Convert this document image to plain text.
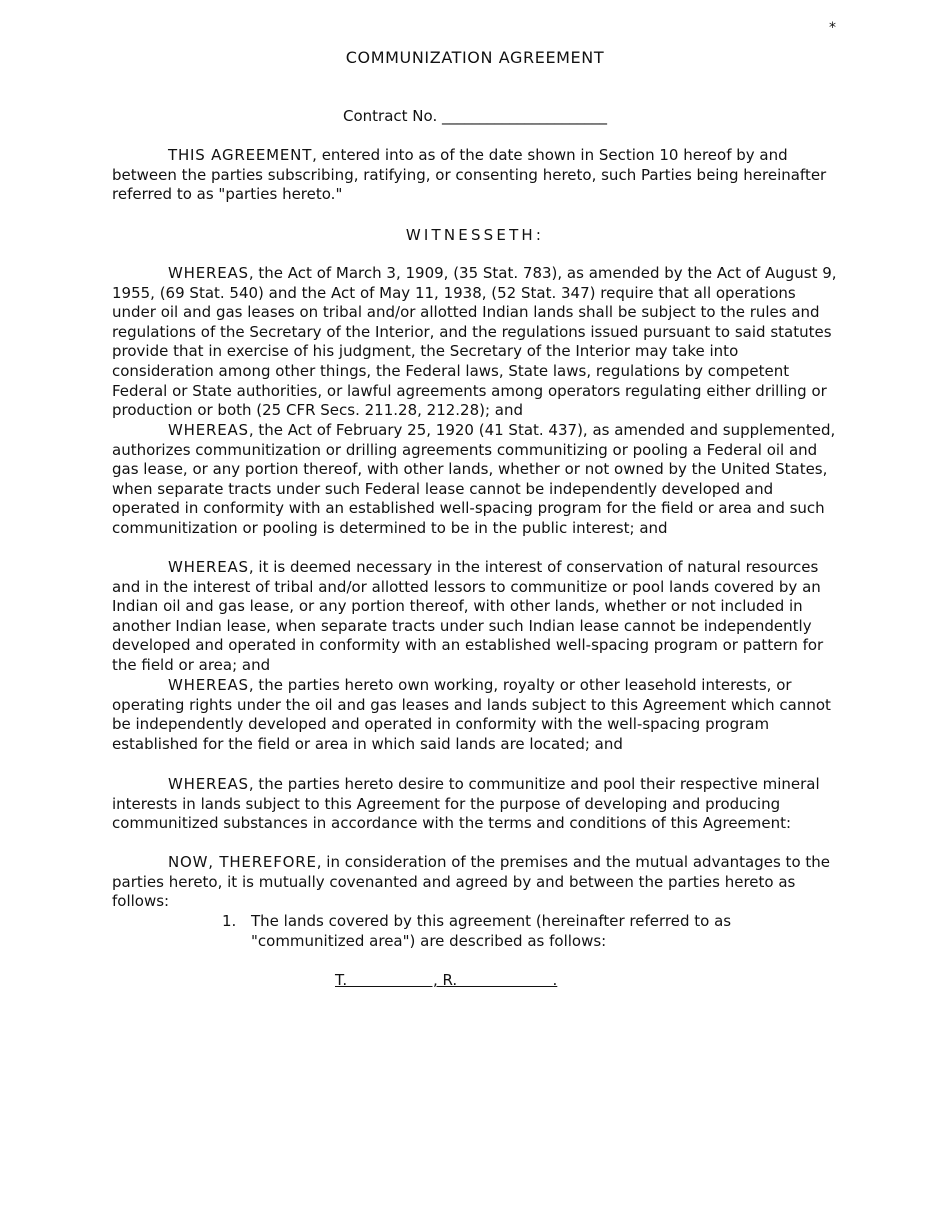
*
COMMUNIZATION AGREEMENT
Contract No. ______________________

THIS AGREEMENT, entered into as of the date shown in Section 10 hereof by and between the parties subscribing, ratifying, or consenting hereto, such Parties being hereinafter referred to as "parties hereto."

WITNESSETH:

WHEREAS, the Act of March 3, 1909, (35 Stat. 783), as amended by the Act of August 9, 1955, (69 Stat. 540) and the Act of May 11, 1938, (52 Stat. 347) require that all operations under oil and gas leases on tribal and/or allotted Indian lands shall be subject to the rules and regulations of the Secretary of the Interior, and the regulations issued pursuant to said statutes provide that in exercise of his judgment, the Secretary of the Interior may take into consideration among other things, the Federal laws, State laws, regulations by competent Federal or State authorities, or lawful agreements among operators regulating either drilling or production or both (25 CFR Secs. 211.28, 212.28); and

WHEREAS, the Act of February 25, 1920 (41 Stat. 437), as amended and supplemented, authorizes communitization or drilling agreements communitizing or pooling a Federal oil and gas lease, or any portion thereof, with other lands, whether or not owned by the United States, when separate tracts under such Federal lease cannot be independently developed and operated in conformity with an established well-spacing program for the field or area and such communitization or pooling is determined to be in the public interest; and

WHEREAS, it is deemed necessary in the interest of conservation of natural resources and in the interest of tribal and/or allotted lessors to communitize or pool lands covered by an Indian oil and gas lease, or any portion thereof, with other lands, whether or not included in another Indian lease, when separate tracts under such Indian lease cannot be independently developed and operated in conformity with an established well-spacing program or pattern for the field or area; and

WHEREAS, the parties hereto own working, royalty or other leasehold interests, or operating rights under the oil and gas leases and lands subject to this Agreement which cannot be independently developed and operated in conformity with the well-spacing program established for the field or area in which said lands are located; and

WHEREAS, the parties hereto desire to communitize and pool their respective mineral interests in lands subject to this Agreement for the purpose of developing and producing communitized substances in accordance with the terms and conditions of this Agreement:

NOW, THEREFORE, in consideration of the premises and the mutual advantages to the parties hereto, it is mutually covenanted and agreed by and between the parties hereto as follows:

1. The lands covered by this agreement (hereinafter referred to as "communitized area") are described as follows:
T.                  , R.                    .
